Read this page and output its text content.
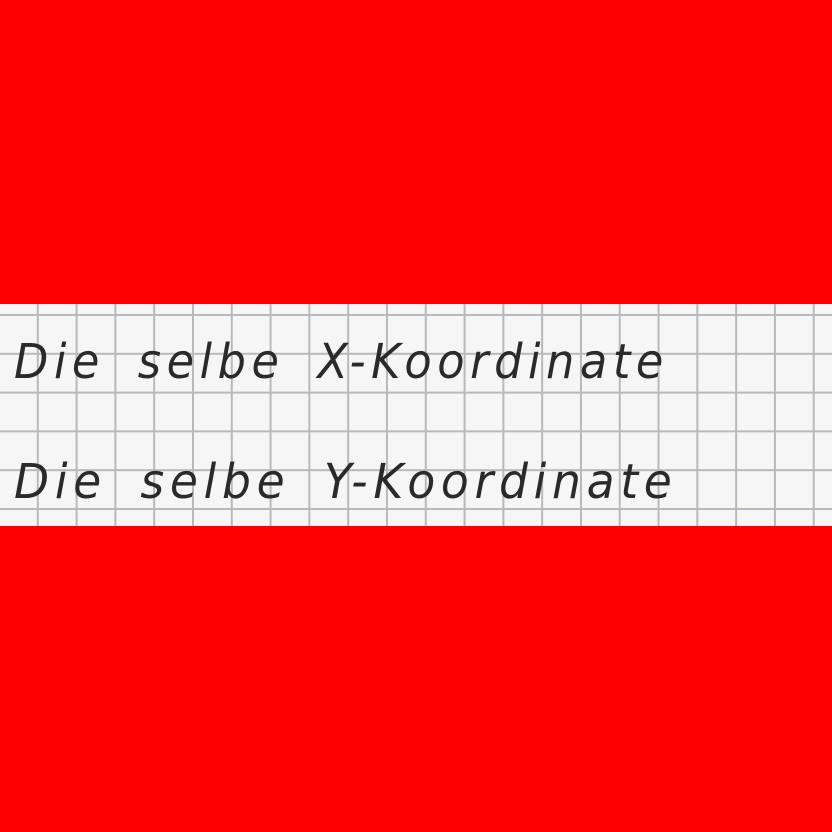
Die selbe X-Koordinate

Die selbe Y-Koordinate
